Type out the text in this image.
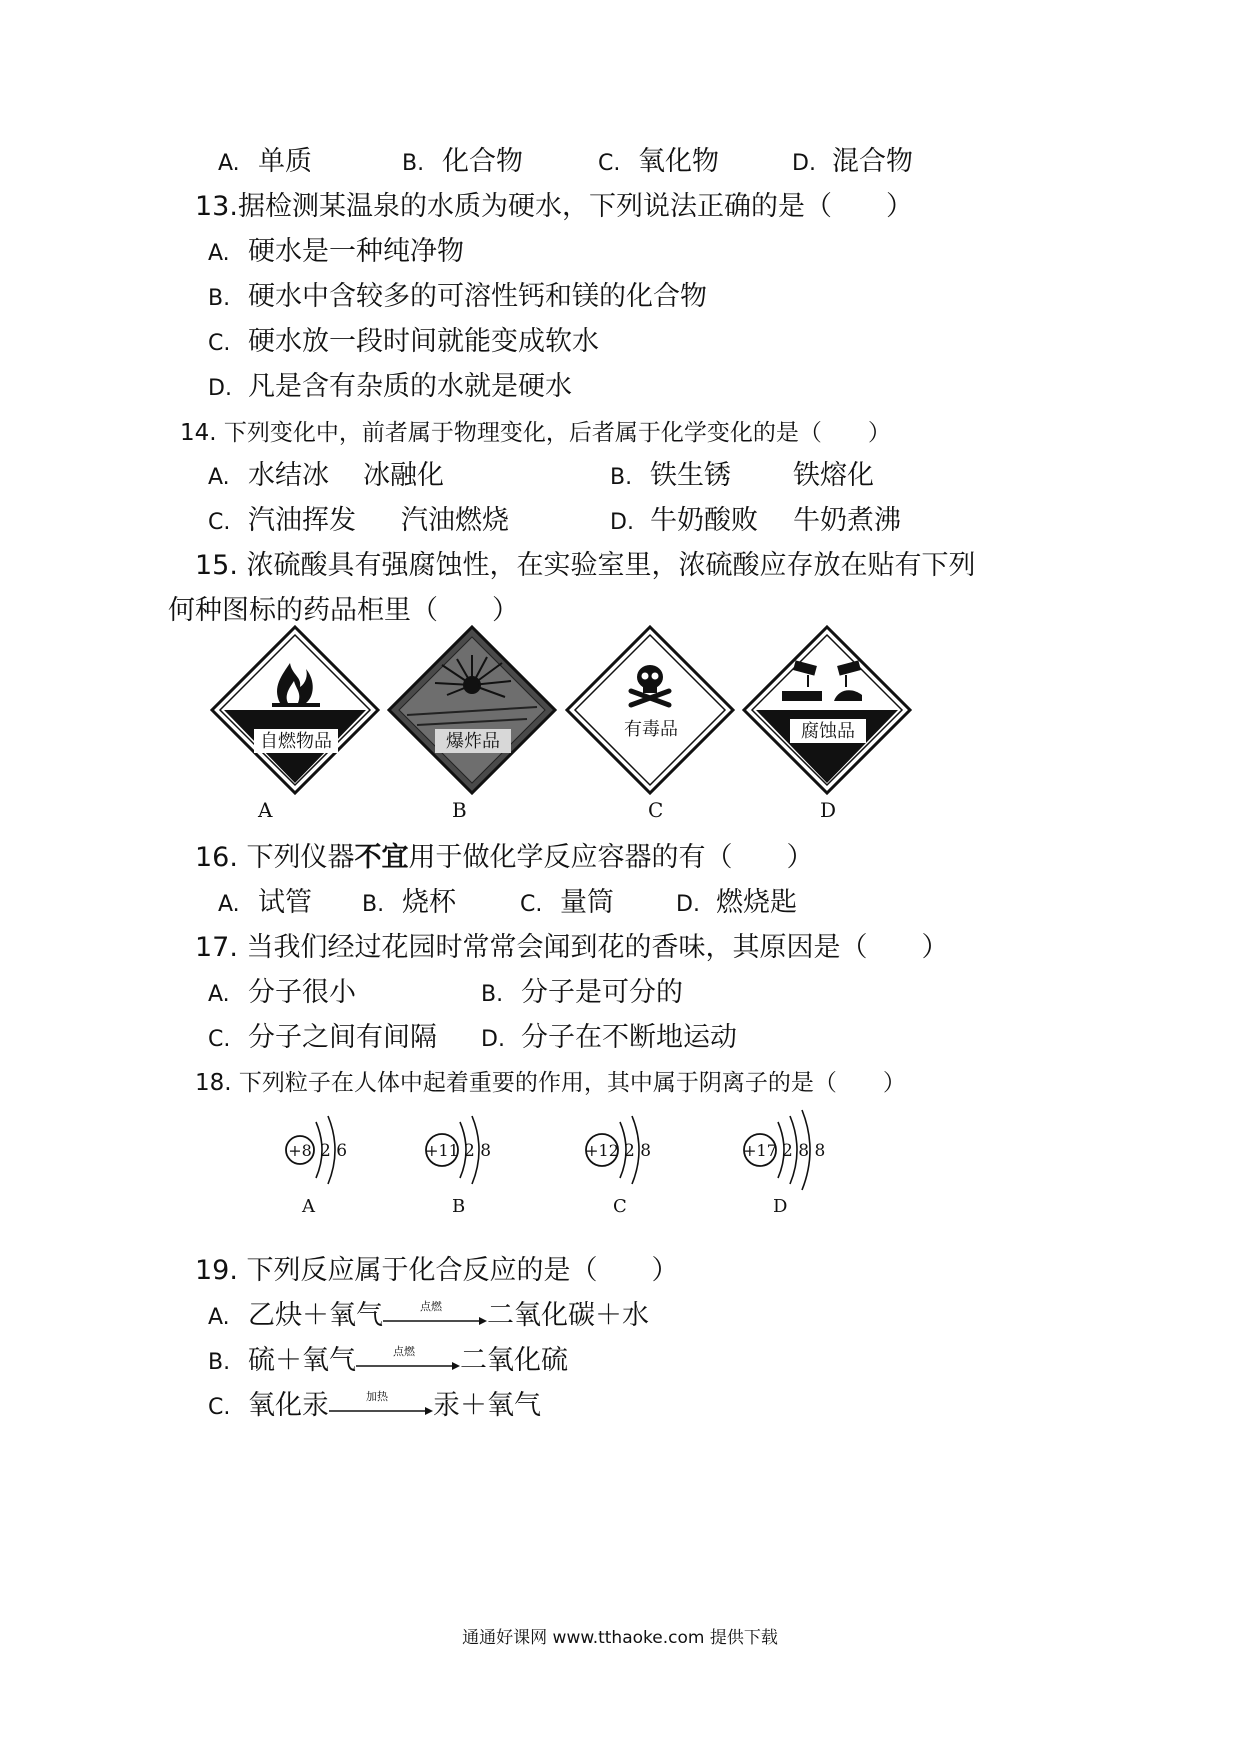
A. 单质	B. 化合物	C. 氧化物	D. 混合物
13.据检测某温泉的水质为硬水，下列说法正确的是（　　）
A. 硬水是一种纯净物
B. 硬水中含较多的可溶性钙和镁的化合物
C. 硬水放一段时间就能变成软水
D. 凡是含有杂质的水就是硬水
14. 下列变化中，前者属于物理变化，后者属于化学变化的是（　　）
A. 水结冰 冰融化	B. 铁生锈 铁熔化
C. 汽油挥发 汽油燃烧	D. 牛奶酸败 牛奶煮沸
15. 浓硫酸具有强腐蚀性，在实验室里，浓硫酸应存放在贴有下列
何种图标的药品柜里（　　）
自燃物品
A
爆炸品
B
有毒品
C
腐蚀品
D
16. 下列仪器不宜用于做化学反应容器的有（　　）
A. 试管 B. 烧杯	C. 量筒	D. 燃烧匙
17. 当我们经过花园时常常会闻到花的香味，其原因是（　　）
A. 分子很小	B. 分子是可分的
C. 分子之间有间隔 D. 分子在不断地运动
18. 下列粒子在人体中起着重要的作用，其中属于阴离子的是（　　）
+8 2 6
A
+11 2 8
B
+12 2 8
C
+17 2 8 8
D
19. 下列反应属于化合反应的是（　　）
A. 乙炔＋氧气	点燃	二氧化碳＋水
B. 硫＋氧气	点燃	二氧化硫
C. 氧化汞	加热	汞＋氧气
通通好课网 www.tthaoke.com 提供下载
